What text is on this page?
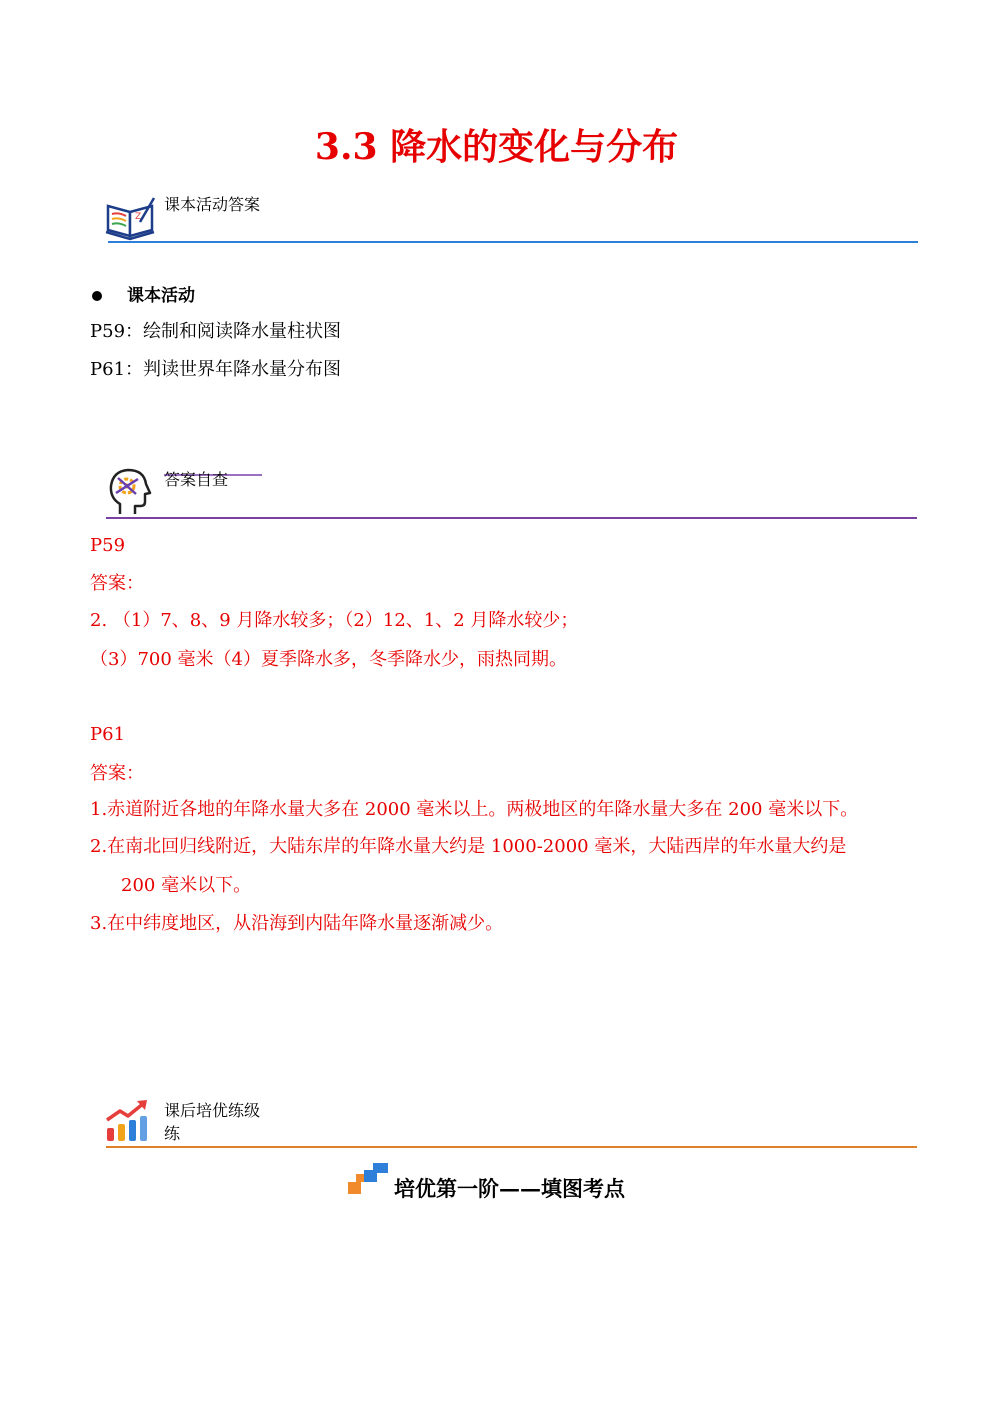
3.3 降水的变化与分布
Z
课本活动答案
课本活动
P59：绘制和阅读降水量柱状图
P61：判读世界年降水量分布图
答案自查
P59
答案：
2. （1）7、8、9 月降水较多；（2）12、1、2 月降水较少；
（3）700 毫米（4）夏季降水多，冬季降水少，雨热同期。
P61
答案：
1.赤道附近各地的年降水量大多在 2000 毫米以上。两极地区的年降水量大多在 200 毫米以下。
2.在南北回归线附近，大陆东岸的年降水量大约是 1000-2000 毫米，大陆西岸的年水量大约是
200 毫米以下。
3.在中纬度地区，从沿海到内陆年降水量逐渐减少。
课后培优练级
练
培优第一阶——填图考点
